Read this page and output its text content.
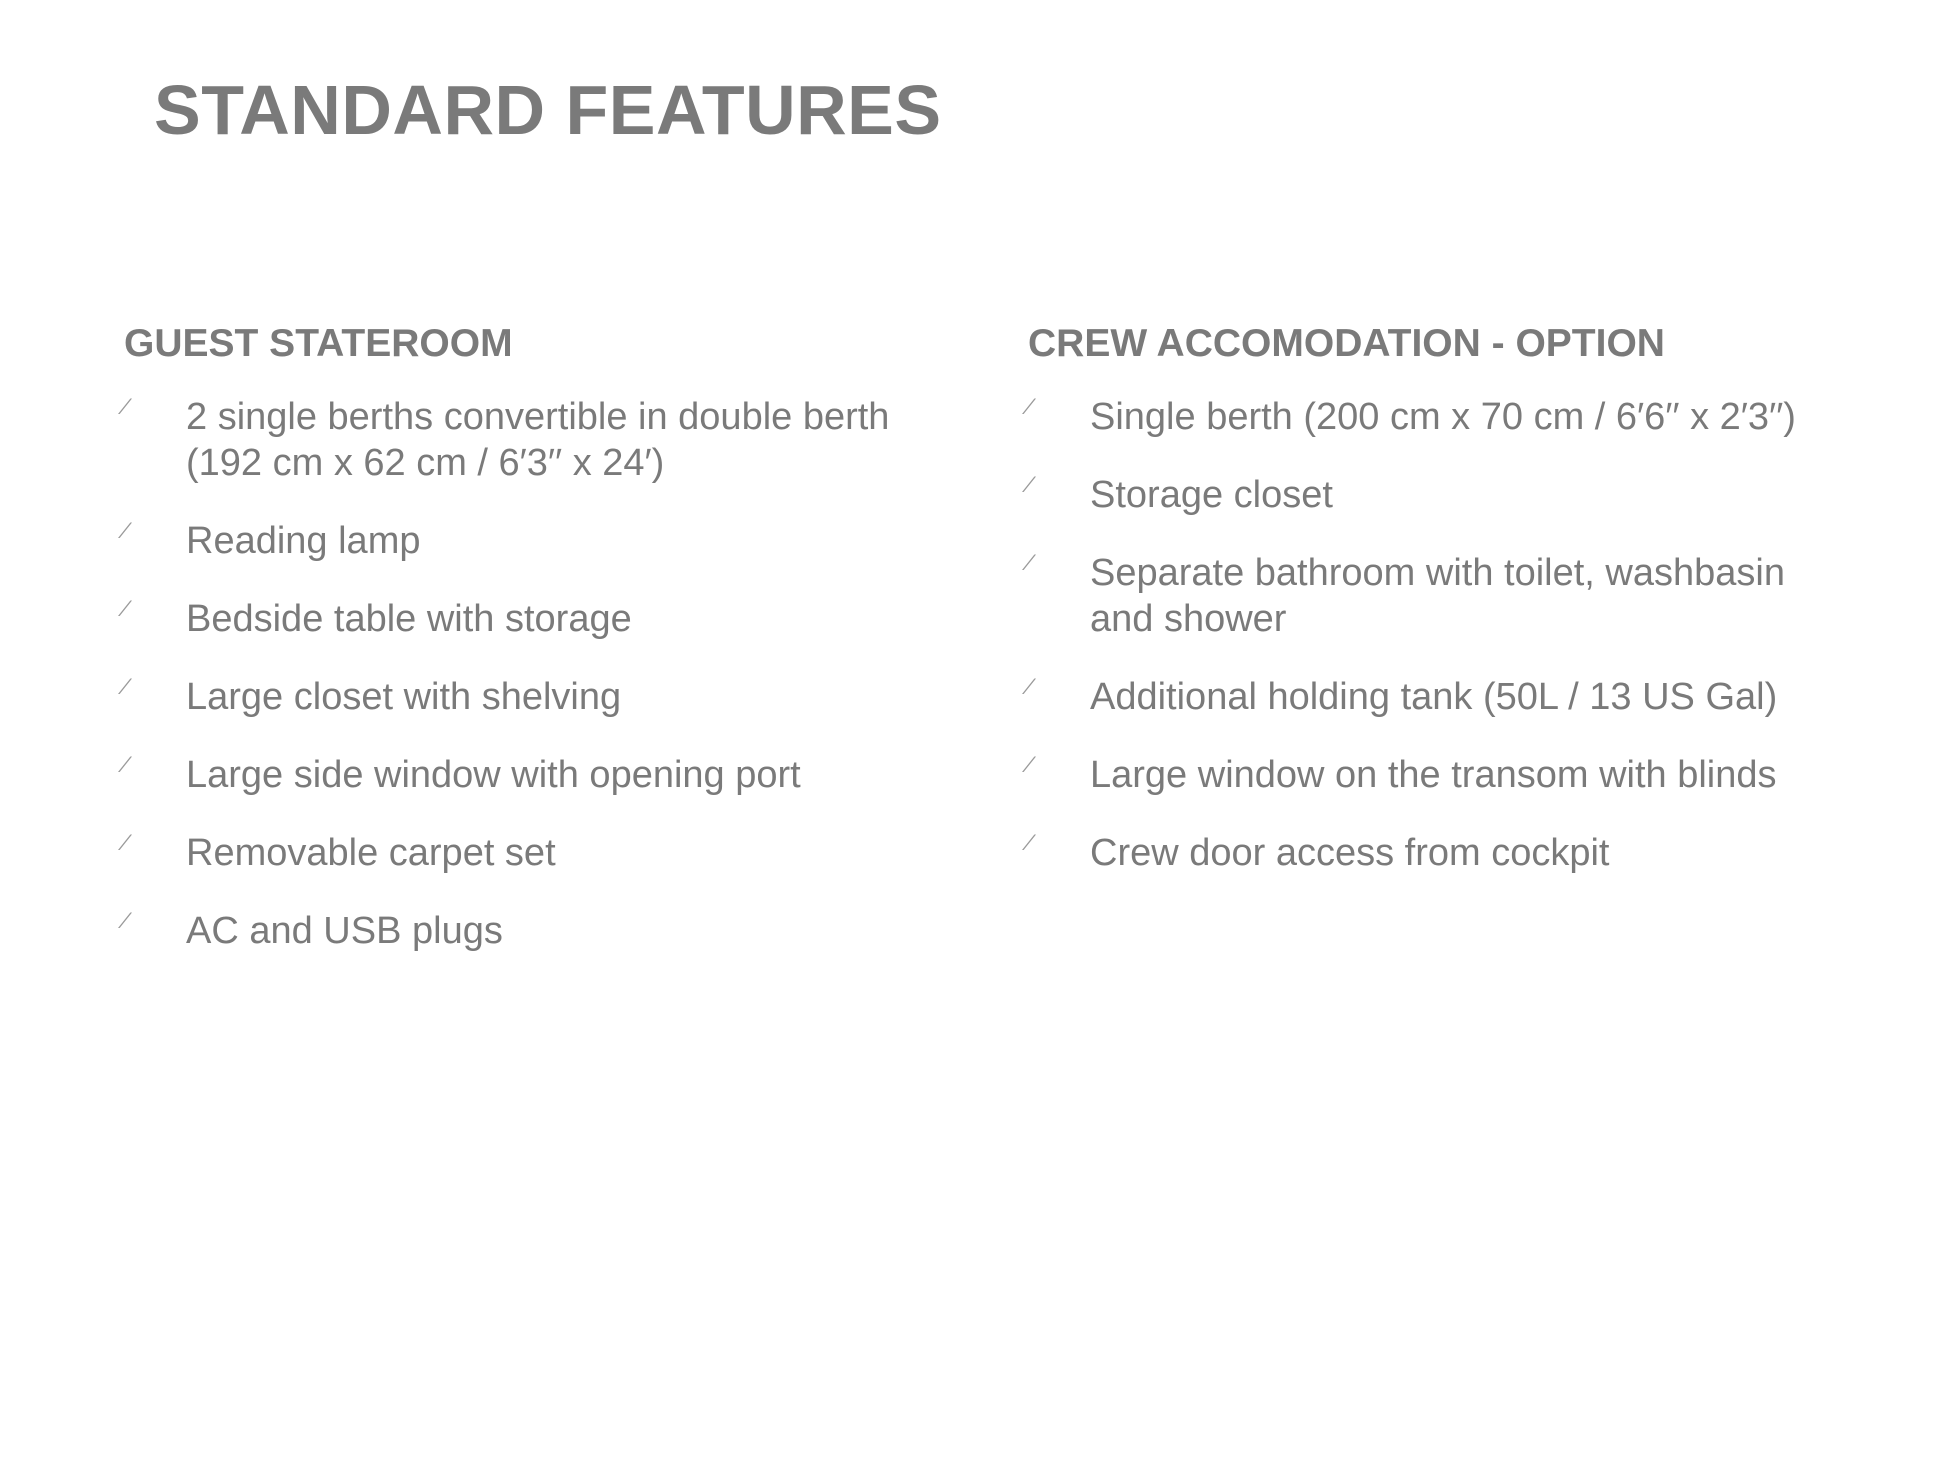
STANDARD FEATURES
GUEST STATEROOM
⁄ 2 single berths convertible in double berth (192 cm x 62 cm / 6′3′′ x 24′)
⁄ Reading lamp
⁄ Bedside table with storage
⁄ Large closet with shelving
⁄ Large side window with opening port
⁄ Removable carpet set
⁄ AC and USB plugs
CREW ACCOMODATION - OPTION
⁄ Single berth (200 cm x 70 cm / 6′6′′ x 2′3′′)
⁄ Storage closet
⁄ Separate bathroom with toilet, washbasin and shower
⁄ Additional holding tank (50L / 13 US Gal)
⁄ Large window on the transom with blinds
⁄ Crew door access from cockpit
